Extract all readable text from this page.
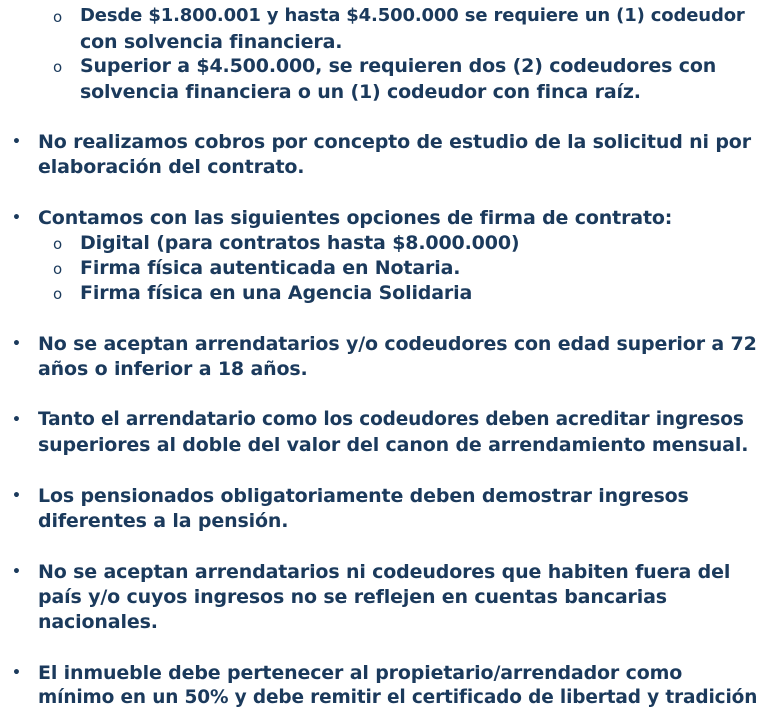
o Desde $1.800.001 y hasta $4.500.000 se requiere un (1) codeudor
con solvencia financiera.
o Superior a $4.500.000, se requieren dos (2) codeudores con
solvencia financiera o un (1) codeudor con finca raíz.
• No realizamos cobros por concepto de estudio de la solicitud ni por
elaboración del contrato.
• Contamos con las siguientes opciones de firma de contrato:
o Digital (para contratos hasta $8.000.000)
o Firma física autenticada en Notaria.
o Firma física en una Agencia Solidaria
• No se aceptan arrendatarios y/o codeudores con edad superior a 72
años o inferior a 18 años.
• Tanto el arrendatario como los codeudores deben acreditar ingresos
superiores al doble del valor del canon de arrendamiento mensual.
• Los pensionados obligatoriamente deben demostrar ingresos
diferentes a la pensión.
• No se aceptan arrendatarios ni codeudores que habiten fuera del
país y/o cuyos ingresos no se reflejen en cuentas bancarias
nacionales.
• El inmueble debe pertenecer al propietario/arrendador como
mínimo en un 50% y debe remitir el certificado de libertad y tradición
